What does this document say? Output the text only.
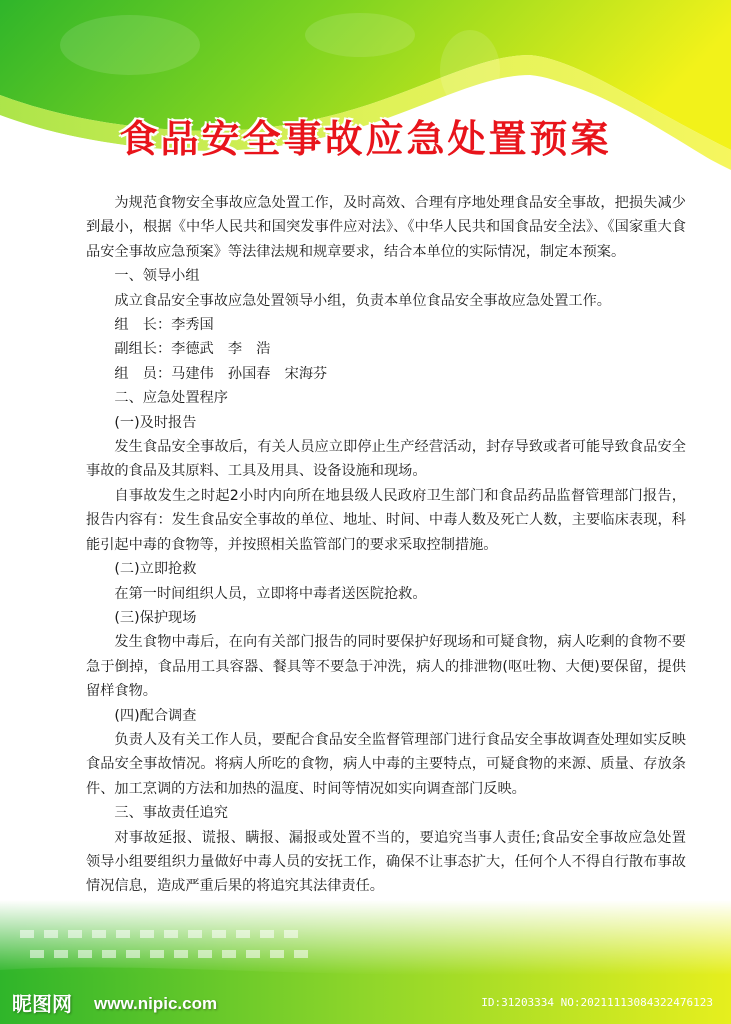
食品安全事故应急处置预案

为规范食物安全事故应急处置工作，及时高效、合理有序地处理食品安全事故，把损失减少到最小，根据《中华人民共和国突发事件应对法》、《中华人民共和国食品安全法》、《国家重大食品安全事故应急预案》等法律法规和规章要求，结合本单位的实际情况，制定本预案。

一、领导小组

成立食品安全事故应急处置领导小组，负责本单位食品安全事故应急处置工作。

组　长：李秀国

副组长：李德武　李　浩

组　员：马建伟　孙国春　宋海芬

二、应急处置程序

(一)及时报告

发生食品安全事故后，有关人员应立即停止生产经营活动，封存导致或者可能导致食品安全事故的食品及其原料、工具及用具、设备设施和现场。

自事故发生之时起2小时内向所在地县级人民政府卫生部门和食品药品监督管理部门报告，报告内容有：发生食品安全事故的单位、地址、时间、中毒人数及死亡人数，主要临床表现，科能引起中毒的食物等，并按照相关监管部门的要求采取控制措施。

(二)立即抢救

在第一时间组织人员，立即将中毒者送医院抢救。

(三)保护现场

发生食物中毒后，在向有关部门报告的同时要保护好现场和可疑食物，病人吃剩的食物不要急于倒掉，食品用工具容器、餐具等不要急于冲洗，病人的排泄物(呕吐物、大便)要保留，提供留样食物。

(四)配合调查

负责人及有关工作人员，要配合食品安全监督管理部门进行食品安全事故调查处理如实反映食品安全事故情况。将病人所吃的食物，病人中毒的主要特点，可疑食物的来源、质量、存放条件、加工烹调的方法和加热的温度、时间等情况如实向调查部门反映。

三、事故责任追究

对事故延报、谎报、瞒报、漏报或处置不当的，要追究当事人责任;食品安全事故应急处置领导小组要组织力量做好中毒人员的安抚工作，确保不让事态扩大，任何个人不得自行散布事故情况信息，造成严重后果的将追究其法律责任。

昵图网 www.nipic.com	ID:31203334 NO:20211113084322476123
